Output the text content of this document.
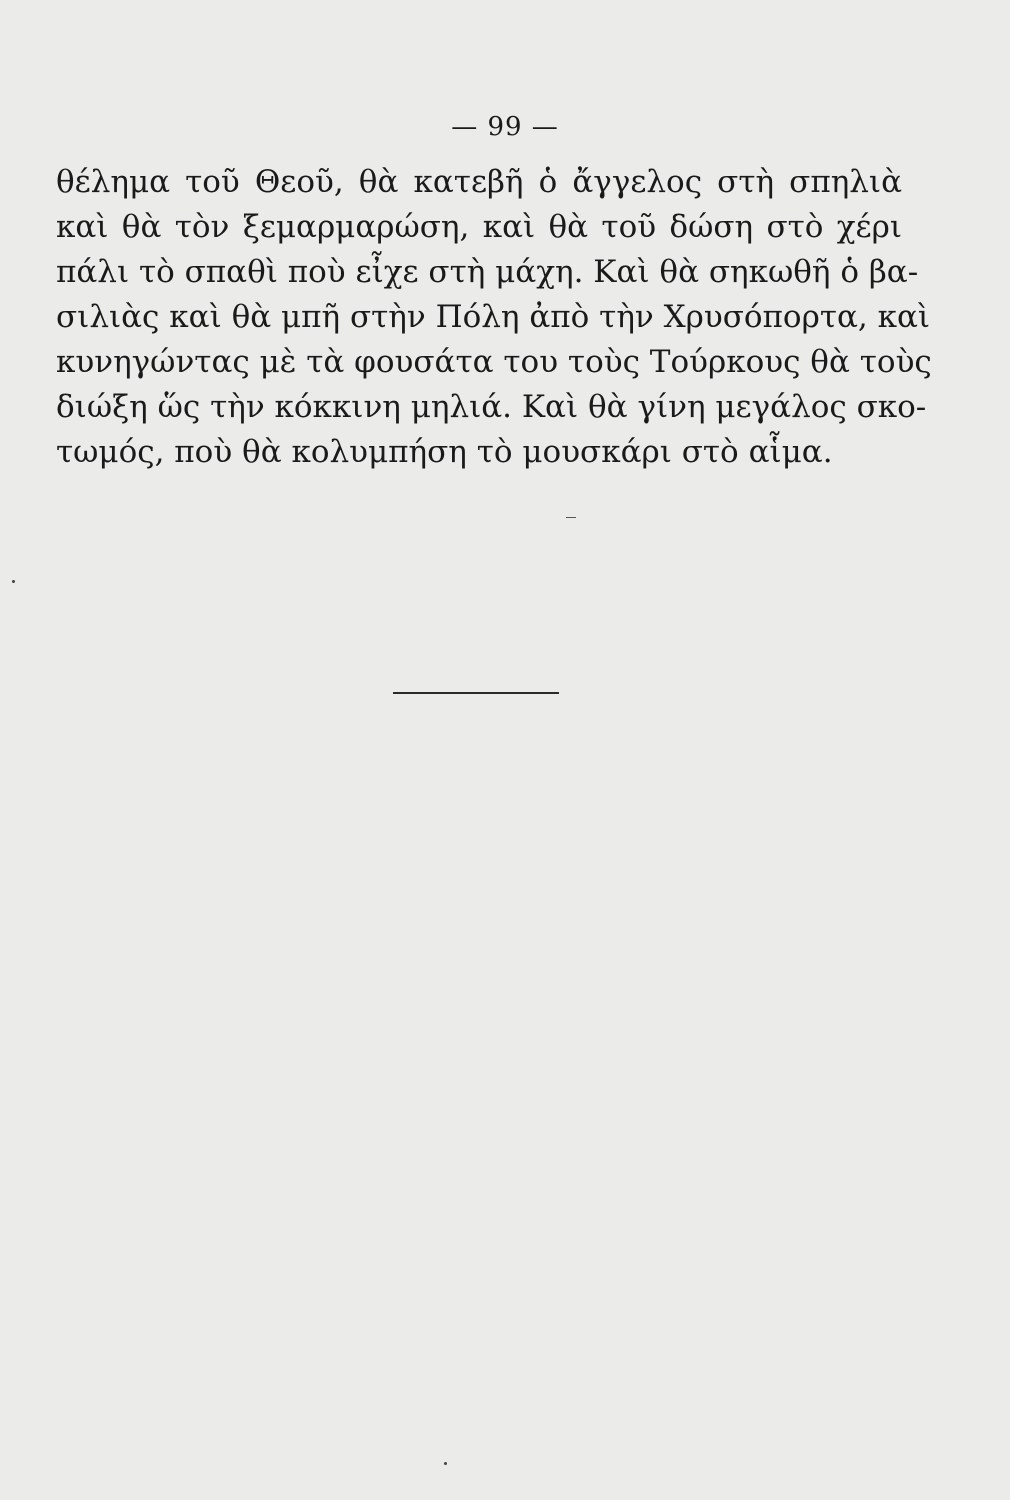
— 99 —
θέλημα τοῦ Θεοῦ, θὰ κατεβῆ ὁ ἄγγελος στὴ σπηλιὰ
καὶ θὰ τὸν ξεμαρμαρώση, καὶ θὰ τοῦ δώση στὸ χέρι
πάλι τὸ σπαθὶ ποὺ εἶχε στὴ μάχη. Καὶ θὰ σηκωθῆ ὁ βα-
σιλιὰς καὶ θὰ μπῆ στὴν Πόλη ἀπὸ τὴν Χρυσόπορτα, καὶ
κυνηγώντας μὲ τὰ φουσάτα του τοὺς Τούρκους θὰ τοὺς
διώξη ὥς τὴν κόκκινη μηλιά. Καὶ θὰ γίνη μεγάλος σκο-
τωμός, ποὺ θὰ κολυμπήση τὸ μουσκάρι στὸ αἷμα.
